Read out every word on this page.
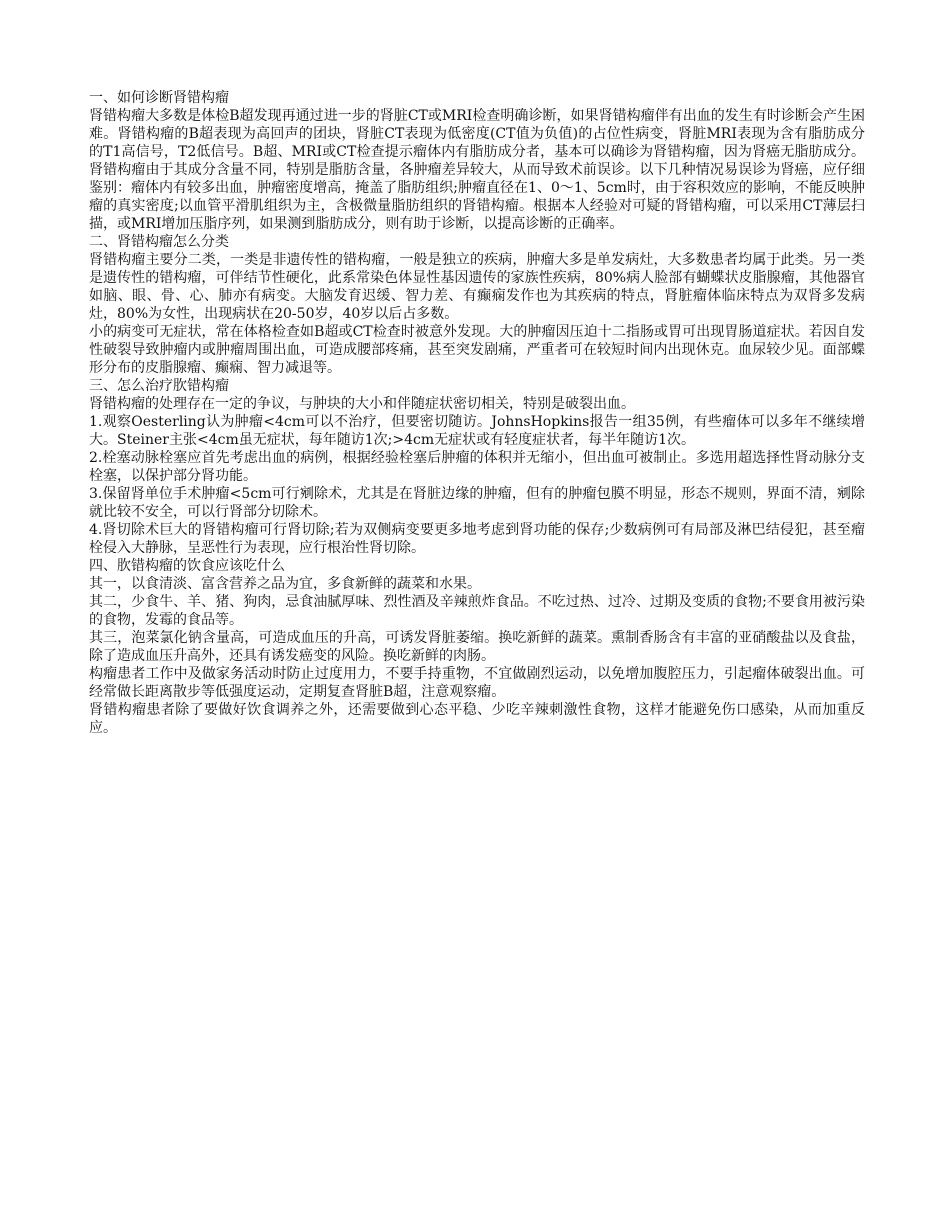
一、如何诊断肾错构瘤

肾错构瘤大多数是体检B超发现再通过进一步的肾脏CT或MRI检查明确诊断，如果肾错构瘤伴有出血的发生有时诊断会产生困难。肾错构瘤的B超表现为高回声的团块，肾脏CT表现为低密度(CT值为负值)的占位性病变，肾脏MRI表现为含有脂肪成分的T1高信号，T2低信号。B超、MRI或CT检查提示瘤体内有脂肪成分者，基本可以确诊为肾错构瘤，因为肾癌无脂肪成分。肾错构瘤由于其成分含量不同，特别是脂肪含量，各肿瘤差异较大，从而导致术前误诊。以下几种情况易误诊为肾癌，应仔细鉴别：瘤体内有较多出血，肿瘤密度增高，掩盖了脂肪组织;肿瘤直径在1、0～1、5cm时，由于容积效应的影响，不能反映肿瘤的真实密度;以血管平滑肌组织为主，含极微量脂肪组织的肾错构瘤。根据本人经验对可疑的肾错构瘤，可以采用CT薄层扫描，或MRI增加压脂序列，如果测到脂肪成分，则有助于诊断，以提高诊断的正确率。

二、肾错构瘤怎么分类

肾错构瘤主要分二类，一类是非遗传性的错构瘤，一般是独立的疾病，肿瘤大多是单发病灶，大多数患者均属于此类。另一类是遗传性的错构瘤，可伴结节性硬化，此系常染色体显性基因遗传的家族性疾病，80%病人脸部有蝴蝶状皮脂腺瘤，其他器官如脑、眼、骨、心、肺亦有病变。大脑发育迟缓、智力差、有癫痫发作也为其疾病的特点，肾脏瘤体临床特点为双肾多发病灶，80%为女性，出现病状在20-50岁，40岁以后占多数。

小的病变可无症状，常在体格检查如B超或CT检查时被意外发现。大的肿瘤因压迫十二指肠或胃可出现胃肠道症状。若因自发性破裂导致肿瘤内或肿瘤周围出血，可造成腰部疼痛，甚至突发剧痛，严重者可在较短时间内出现休克。血尿较少见。面部蝶形分布的皮脂腺瘤、癫痫、智力减退等。

三、怎么治疗肷错构瘤

肾错构瘤的处理存在一定的争议，与肿块的大小和伴随症状密切相关，特别是破裂出血。

1.观察Oesterling认为肿瘤<4cm可以不治疗，但要密切随访。JohnsHopkins报告一组35例，有些瘤体可以多年不继续增大。Steiner主张<4cm虽无症状，每年随访1次;>4cm无症状或有轻度症状者，每半年随访1次。

2.栓塞动脉栓塞应首先考虑出血的病例，根据经验栓塞后肿瘤的体积并无缩小，但出血可被制止。多选用超选择性肾动脉分支栓塞，以保护部分肾功能。

3.保留肾单位手术肿瘤<5cm可行剜除术，尤其是在肾脏边缘的肿瘤，但有的肿瘤包膜不明显，形态不规则，界面不清，剜除就比较不安全，可以行肾部分切除术。

4.肾切除术巨大的肾错构瘤可行肾切除;若为双侧病变要更多地考虑到肾功能的保存;少数病例可有局部及淋巴结侵犯，甚至瘤栓侵入大静脉，呈恶性行为表现，应行根治性肾切除。

四、肷错构瘤的饮食应该吃什么

其一，以食清淡、富含营养之品为宜，多食新鲜的蔬菜和水果。

其二，少食牛、羊、猪、狗肉，忌食油腻厚味、烈性酒及辛辣煎炸食品。不吃过热、过冷、过期及变质的食物;不要食用被污染的食物，发霉的食品等。

其三，泡菜氯化钠含量高，可造成血压的升高，可诱发肾脏萎缩。换吃新鲜的蔬菜。熏制香肠含有丰富的亚硝酸盐以及食盐，除了造成血压升高外，还具有诱发癌变的风险。换吃新鲜的肉肠。

构瘤患者工作中及做家务活动时防止过度用力，不要手持重物，不宜做剧烈运动，以免增加腹腔压力，引起瘤体破裂出血。可经常做长距离散步等低强度运动，定期复查肾脏B超，注意观察瘤。

肾错构瘤患者除了要做好饮食调养之外，还需要做到心态平稳、少吃辛辣刺激性食物，这样才能避免伤口感染，从而加重反应。
